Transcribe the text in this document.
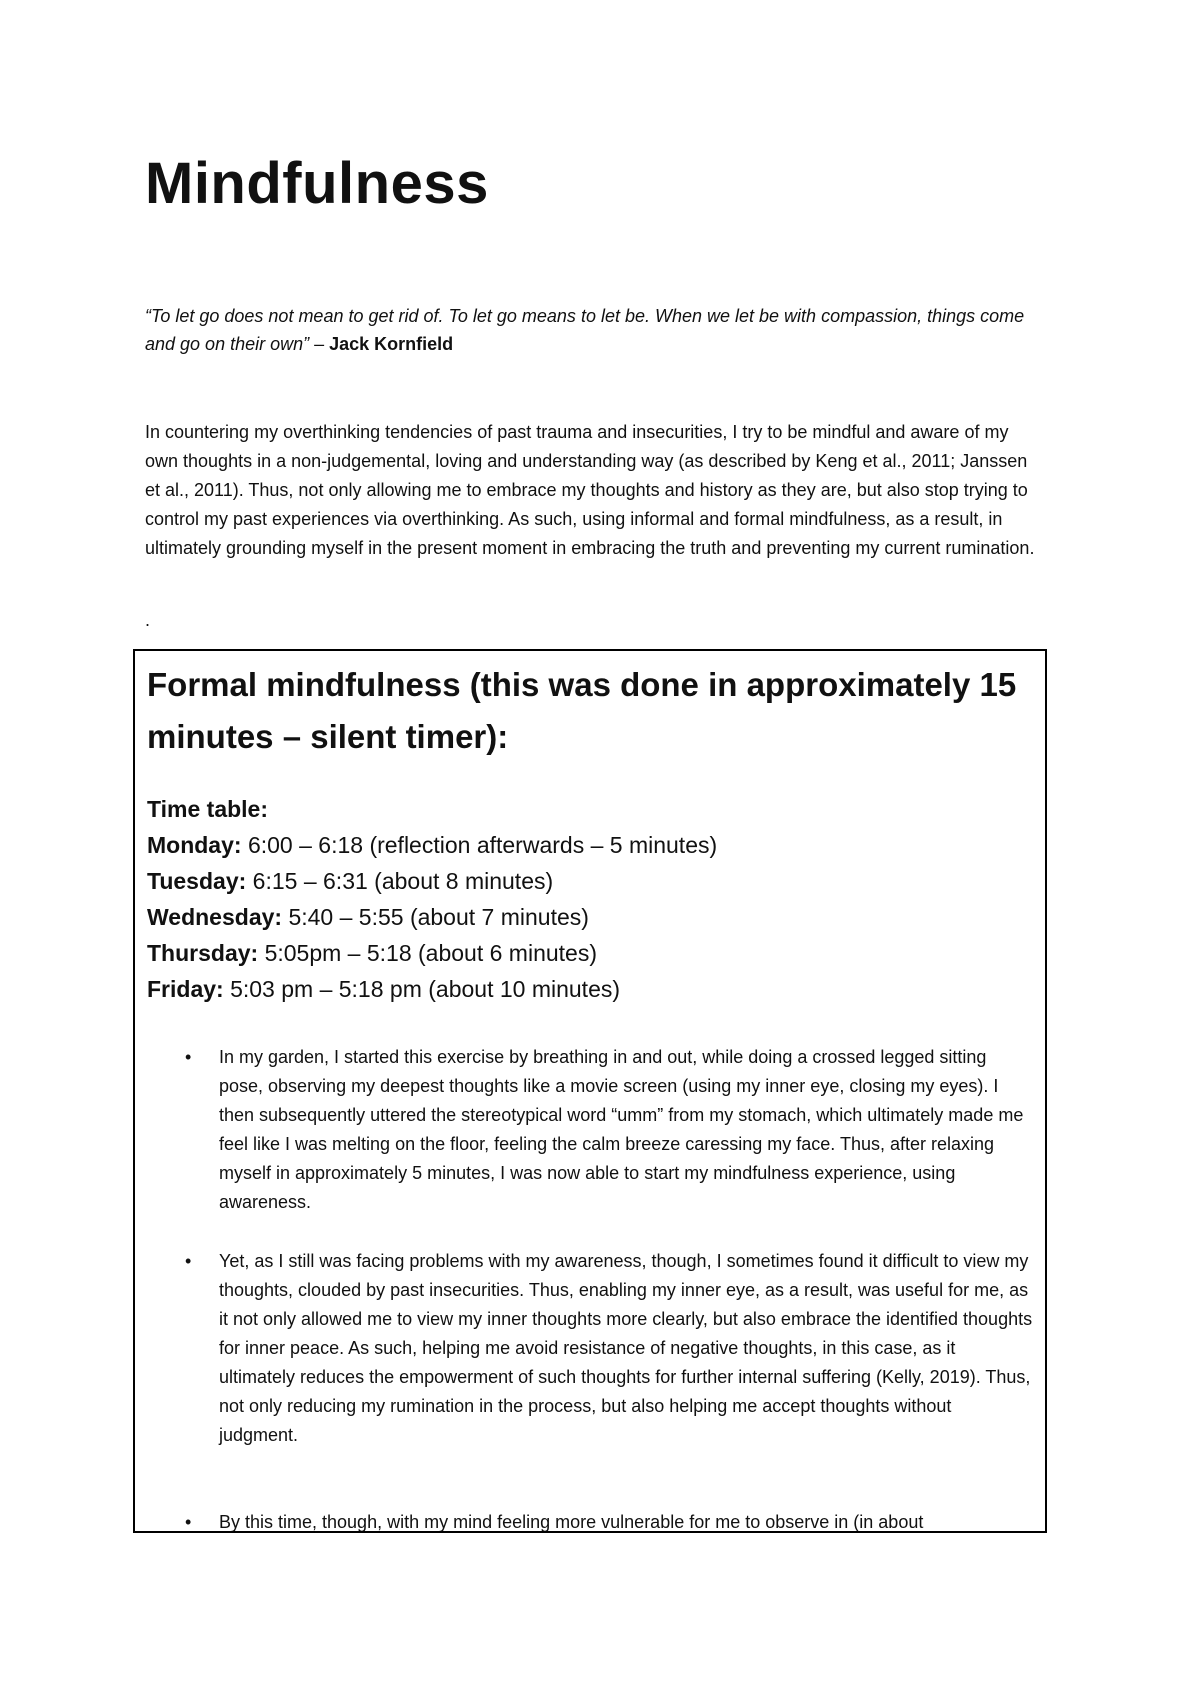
Mindfulness

“To let go does not mean to get rid of. To let go means to let be. When we let be with compassion, things come and go on their own” – Jack Kornfield

In countering my overthinking tendencies of past trauma and insecurities, I try to be mindful and aware of my own thoughts in a non-judgemental, loving and understanding way (as described by Keng et al., 2011; Janssen et al., 2011). Thus, not only allowing me to embrace my thoughts and history as they are, but also stop trying to control my past experiences via overthinking. As such, using informal and formal mindfulness, as a result, in ultimately grounding myself in the present moment in embracing the truth and preventing my current rumination.

.

Formal mindfulness (this was done in approximately 15 minutes – silent timer):

Time table:

Monday: 6:00 – 6:18 (reflection afterwards – 5 minutes)

Tuesday: 6:15 – 6:31 (about 8 minutes)

Wednesday: 5:40 – 5:55 (about 7 minutes)

Thursday: 5:05pm – 5:18 (about 6 minutes)

Friday: 5:03 pm – 5:18 pm (about 10 minutes)

• In my garden, I started this exercise by breathing in and out, while doing a crossed legged sitting pose, observing my deepest thoughts like a movie screen (using my inner eye, closing my eyes). I then subsequently uttered the stereotypical word “umm” from my stomach, which ultimately made me feel like I was melting on the floor, feeling the calm breeze caressing my face. Thus, after relaxing myself in approximately 5 minutes, I was now able to start my mindfulness experience, using awareness.
• Yet, as I still was facing problems with my awareness, though, I sometimes found it difficult to view my thoughts, clouded by past insecurities. Thus, enabling my inner eye, as a result, was useful for me, as it not only allowed me to view my inner thoughts more clearly, but also embrace the identified thoughts for inner peace. As such, helping me avoid resistance of negative thoughts, in this case, as it ultimately reduces the empowerment of such thoughts for further internal suffering (Kelly, 2019). Thus, not only reducing my rumination in the process, but also helping me accept thoughts without judgment.
• By this time, though, with my mind feeling more vulnerable for me to observe in (in about
